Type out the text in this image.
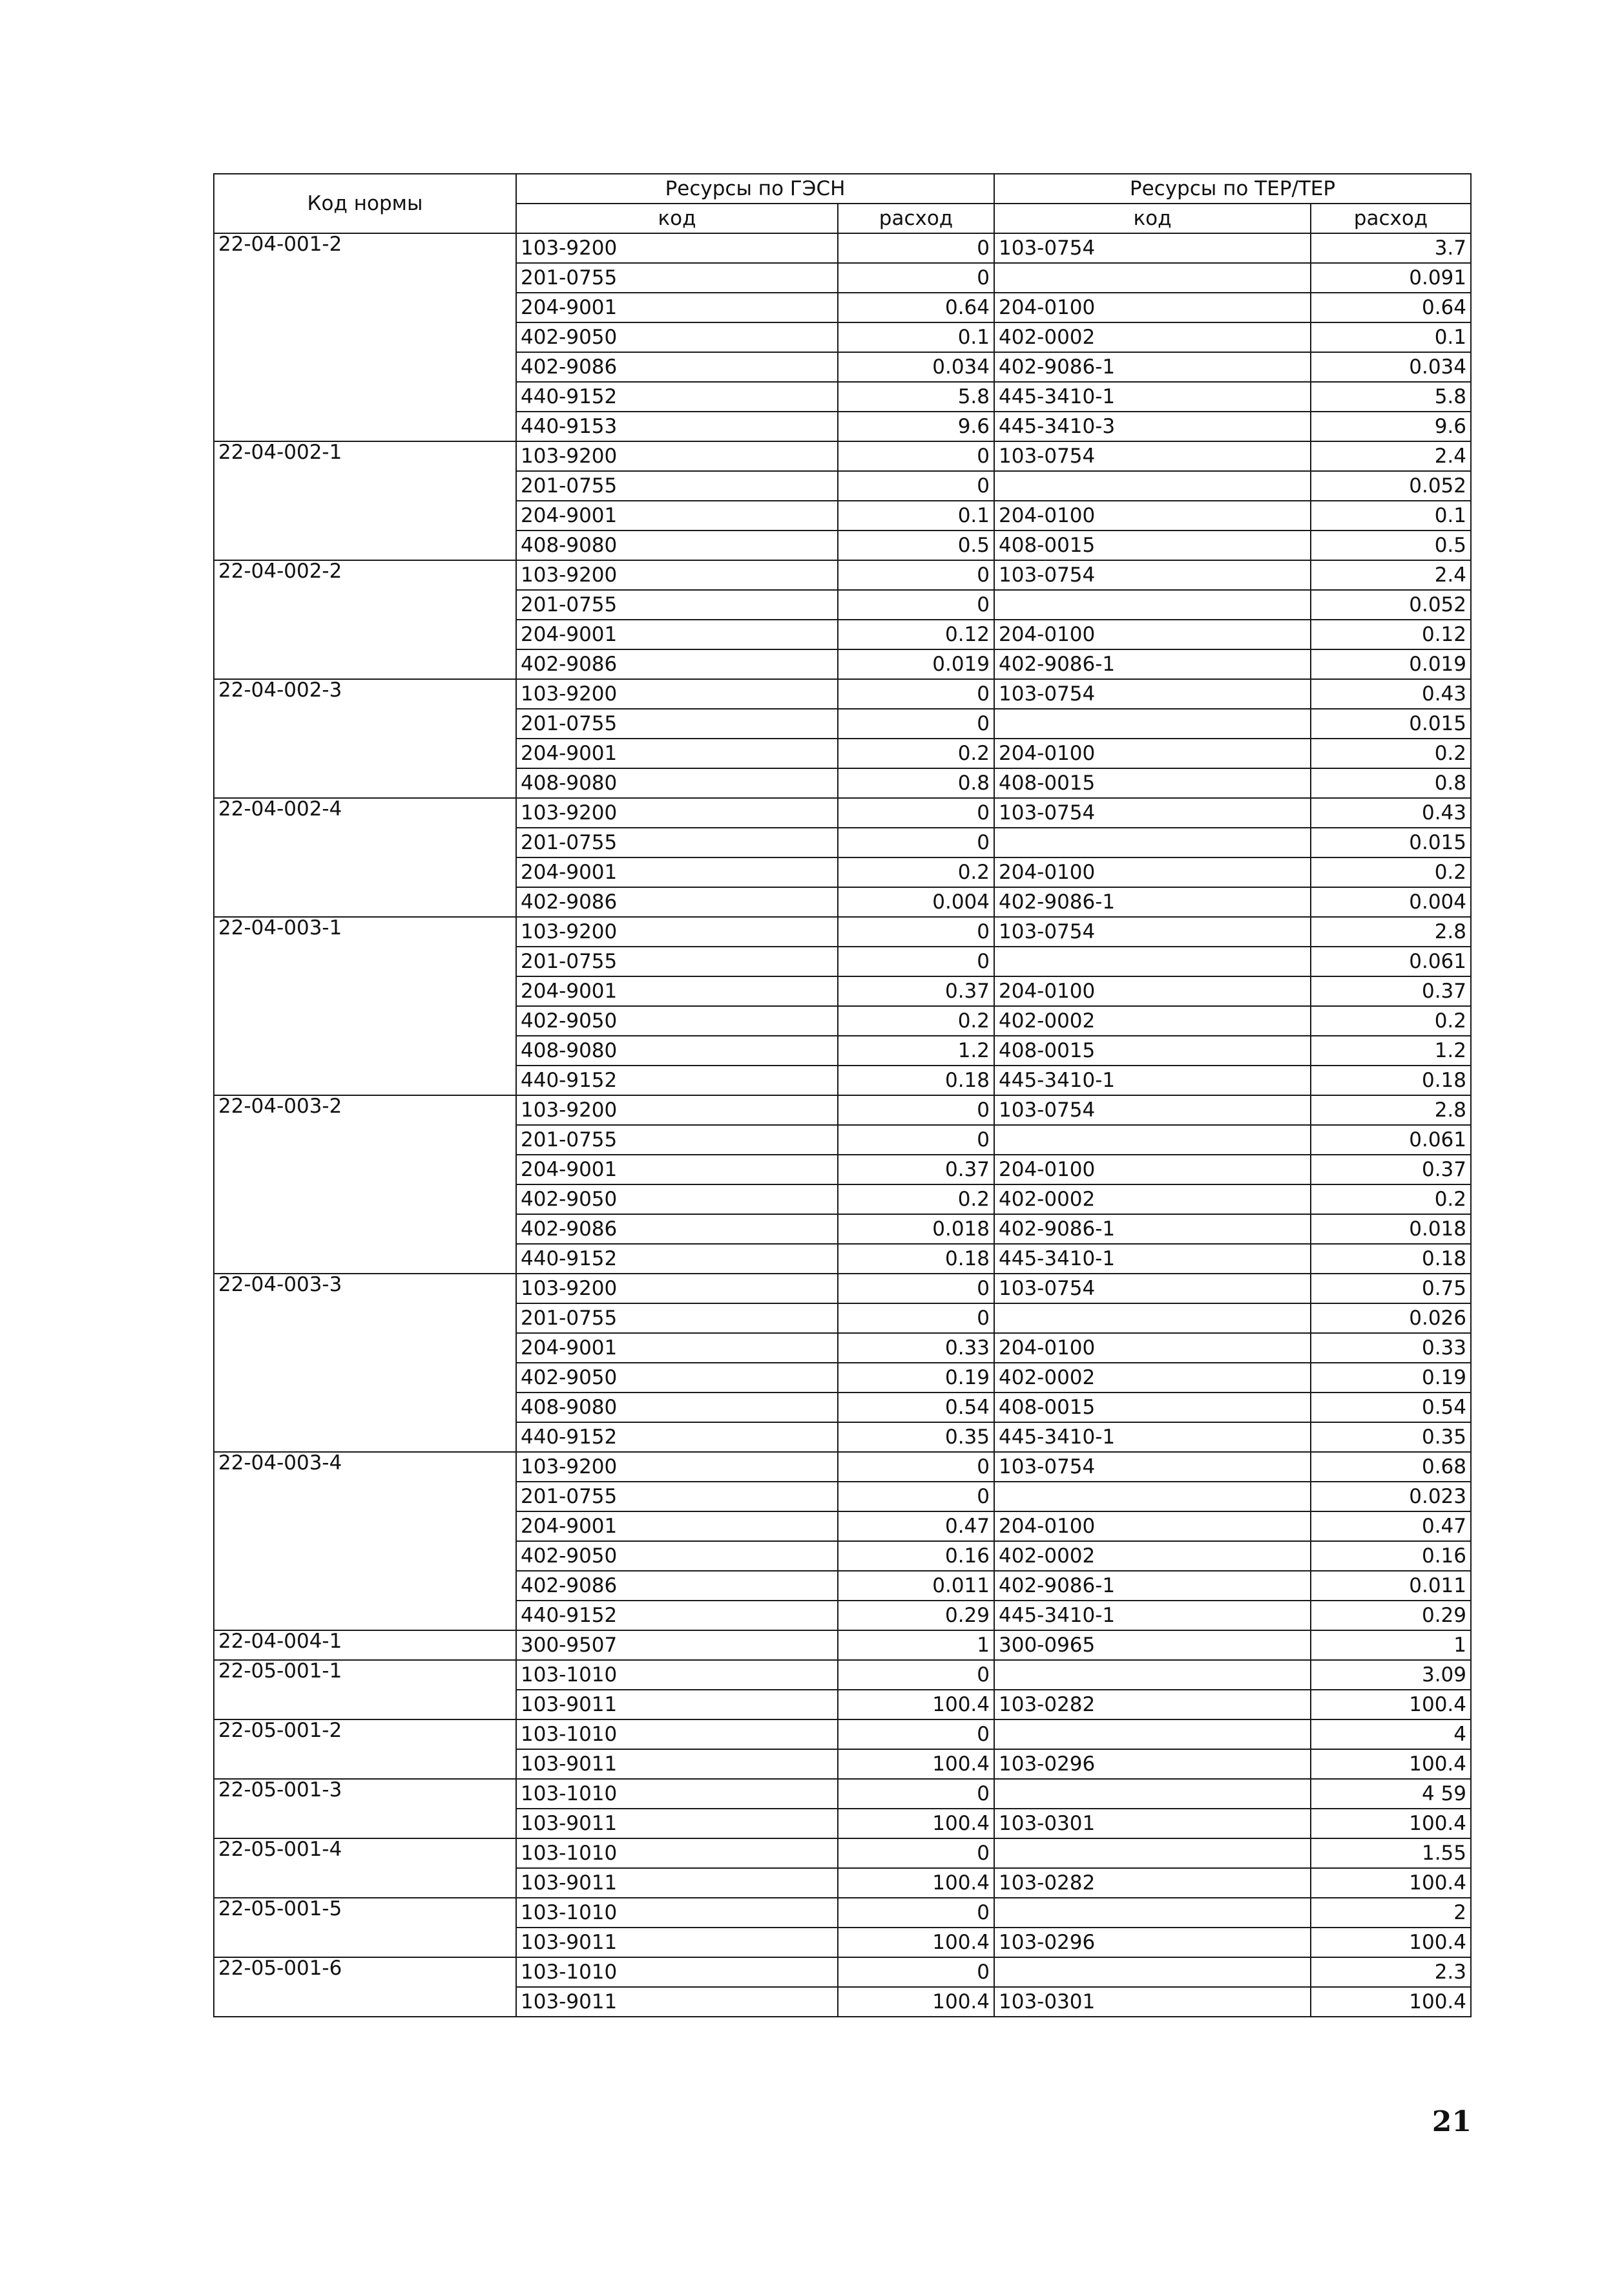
Код нормы	Ресурсы по ГЭСН		Ресурсы по ТЕР/ТЕР	
	код	расход	код	расход
22-04-001-2	103-9200	0	103-0754	3.7
	201-0755	0		0.091
	204-9001	0.64	204-0100	0.64
	402-9050	0.1	402-0002	0.1
	402-9086	0.034	402-9086-1	0.034
	440-9152	5.8	445-3410-1	5.8
	440-9153	9.6	445-3410-3	9.6
22-04-002-1	103-9200	0	103-0754	2.4
	201-0755	0		0.052
	204-9001	0.1	204-0100	0.1
	408-9080	0.5	408-0015	0.5
22-04-002-2	103-9200	0	103-0754	2.4
	201-0755	0		0.052
	204-9001	0.12	204-0100	0.12
	402-9086	0.019	402-9086-1	0.019
22-04-002-3	103-9200	0	103-0754	0.43
	201-0755	0		0.015
	204-9001	0.2	204-0100	0.2
	408-9080	0.8	408-0015	0.8
22-04-002-4	103-9200	0	103-0754	0.43
	201-0755	0		0.015
	204-9001	0.2	204-0100	0.2
	402-9086	0.004	402-9086-1	0.004
22-04-003-1	103-9200	0	103-0754	2.8
	201-0755	0		0.061
	204-9001	0.37	204-0100	0.37
	402-9050	0.2	402-0002	0.2
	408-9080	1.2	408-0015	1.2
	440-9152	0.18	445-3410-1	0.18
22-04-003-2	103-9200	0	103-0754	2.8
	201-0755	0		0.061
	204-9001	0.37	204-0100	0.37
	402-9050	0.2	402-0002	0.2
	402-9086	0.018	402-9086-1	0.018
	440-9152	0.18	445-3410-1	0.18
22-04-003-3	103-9200	0	103-0754	0.75
	201-0755	0		0.026
	204-9001	0.33	204-0100	0.33
	402-9050	0.19	402-0002	0.19
	408-9080	0.54	408-0015	0.54
	440-9152	0.35	445-3410-1	0.35
22-04-003-4	103-9200	0	103-0754	0.68
	201-0755	0		0.023
	204-9001	0.47	204-0100	0.47
	402-9050	0.16	402-0002	0.16
	402-9086	0.011	402-9086-1	0.011
	440-9152	0.29	445-3410-1	0.29
22-04-004-1	300-9507	1	300-0965	1
22-05-001-1	103-1010	0		3.09
	103-9011	100.4	103-0282	100.4
22-05-001-2	103-1010	0		4
	103-9011	100.4	103-0296	100.4
22-05-001-3	103-1010	0		4 59
	103-9011	100.4	103-0301	100.4
22-05-001-4	103-1010	0		1.55
	103-9011	100.4	103-0282	100.4
22-05-001-5	103-1010	0		2
	103-9011	100.4	103-0296	100.4
22-05-001-6	103-1010	0		2.3
	103-9011	100.4	103-0301	100.4
21
